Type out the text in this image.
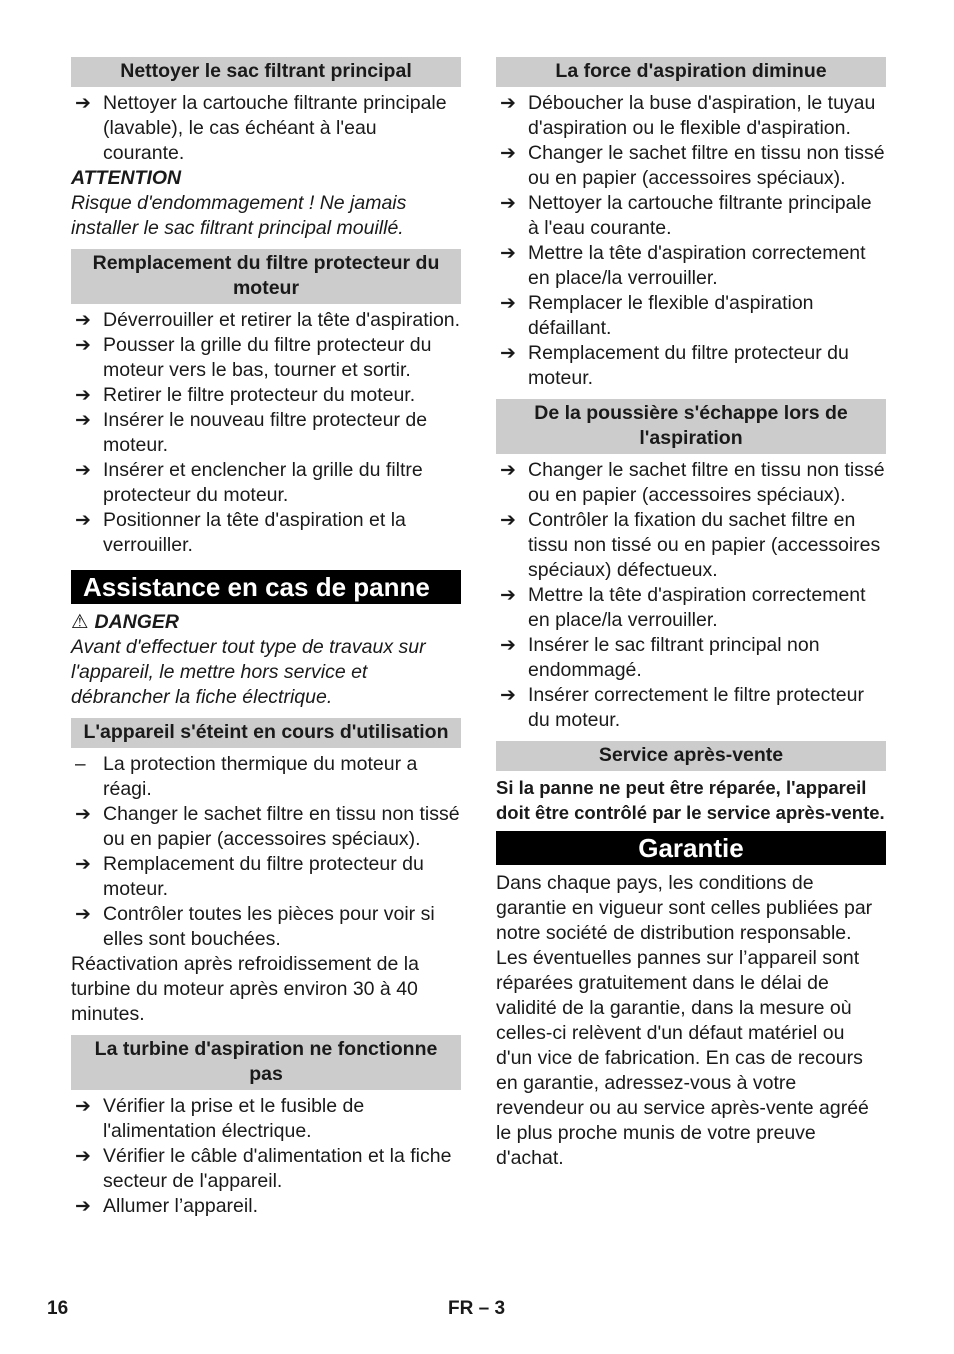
Nettoyer le sac filtrant principal

➔ Nettoyer la cartouche filtrante principale (lavable), le cas échéant à l'eau courante.

ATTENTION

Risque d'endommagement ! Ne jamais installer le sac filtrant principal mouillé.

Remplacement du filtre protecteur du moteur

➔ Déverrouiller et retirer la tête d'aspiration.

➔ Pousser la grille du filtre protecteur du moteur vers le bas, tourner et sortir.

➔ Retirer le filtre protecteur du moteur.

➔ Insérer le nouveau filtre protecteur de moteur.

➔ Insérer et enclencher la grille du filtre protecteur du moteur.

➔ Positionner la tête d'aspiration et la verrouiller.

Assistance en cas de panne

⚠ DANGER

Avant d'effectuer tout type de travaux sur l'appareil, le mettre hors service et débrancher la fiche électrique.

L'appareil s'éteint en cours d'utilisation

– La protection thermique du moteur a réagi.

➔ Changer le sachet filtre en tissu non tissé ou en papier (accessoires spéciaux).

➔ Remplacement du filtre protecteur du moteur.

➔ Contrôler toutes les pièces pour voir si elles sont bouchées.

Réactivation après refroidissement de la turbine du moteur après environ 30 à 40 minutes.

La turbine d'aspiration ne fonctionne pas

➔ Vérifier la prise et le fusible de l'alimentation électrique.

➔ Vérifier le câble d'alimentation et la fiche secteur de l'appareil.

➔ Allumer l’appareil.

La force d'aspiration diminue

➔ Déboucher la buse d'aspiration, le tuyau d'aspiration ou le flexible d'aspiration.

➔ Changer le sachet filtre en tissu non tissé ou en papier (accessoires spéciaux).

➔ Nettoyer la cartouche filtrante principale à l'eau courante.

➔ Mettre la tête d'aspiration correctement en place/la verrouiller.

➔ Remplacer le flexible d'aspiration défaillant.

➔ Remplacement du filtre protecteur du moteur.

De la poussière s'échappe lors de l'aspiration

➔ Changer le sachet filtre en tissu non tissé ou en papier (accessoires spéciaux).

➔ Contrôler la fixation du sachet filtre en tissu non tissé ou en papier (accessoires spéciaux) défectueux.

➔ Mettre la tête d'aspiration correctement en place/la verrouiller.

➔ Insérer le sac filtrant principal non endommagé.

➔ Insérer correctement le filtre protecteur du moteur.

Service après-vente

Si la panne ne peut être réparée, l'appareil doit être contrôlé par le service après-vente.

Garantie

Dans chaque pays, les conditions de garantie en vigueur sont celles publiées par notre société de distribution responsable. Les éventuelles pannes sur l’appareil sont réparées gratuitement dans le délai de validité de la garantie, dans la mesure où celles-ci relèvent d'un défaut matériel ou d'un vice de fabrication. En cas de recours en garantie, adressez-vous à votre revendeur ou au service après-vente agréé le plus proche munis de votre preuve d'achat.

16	FR – 3
